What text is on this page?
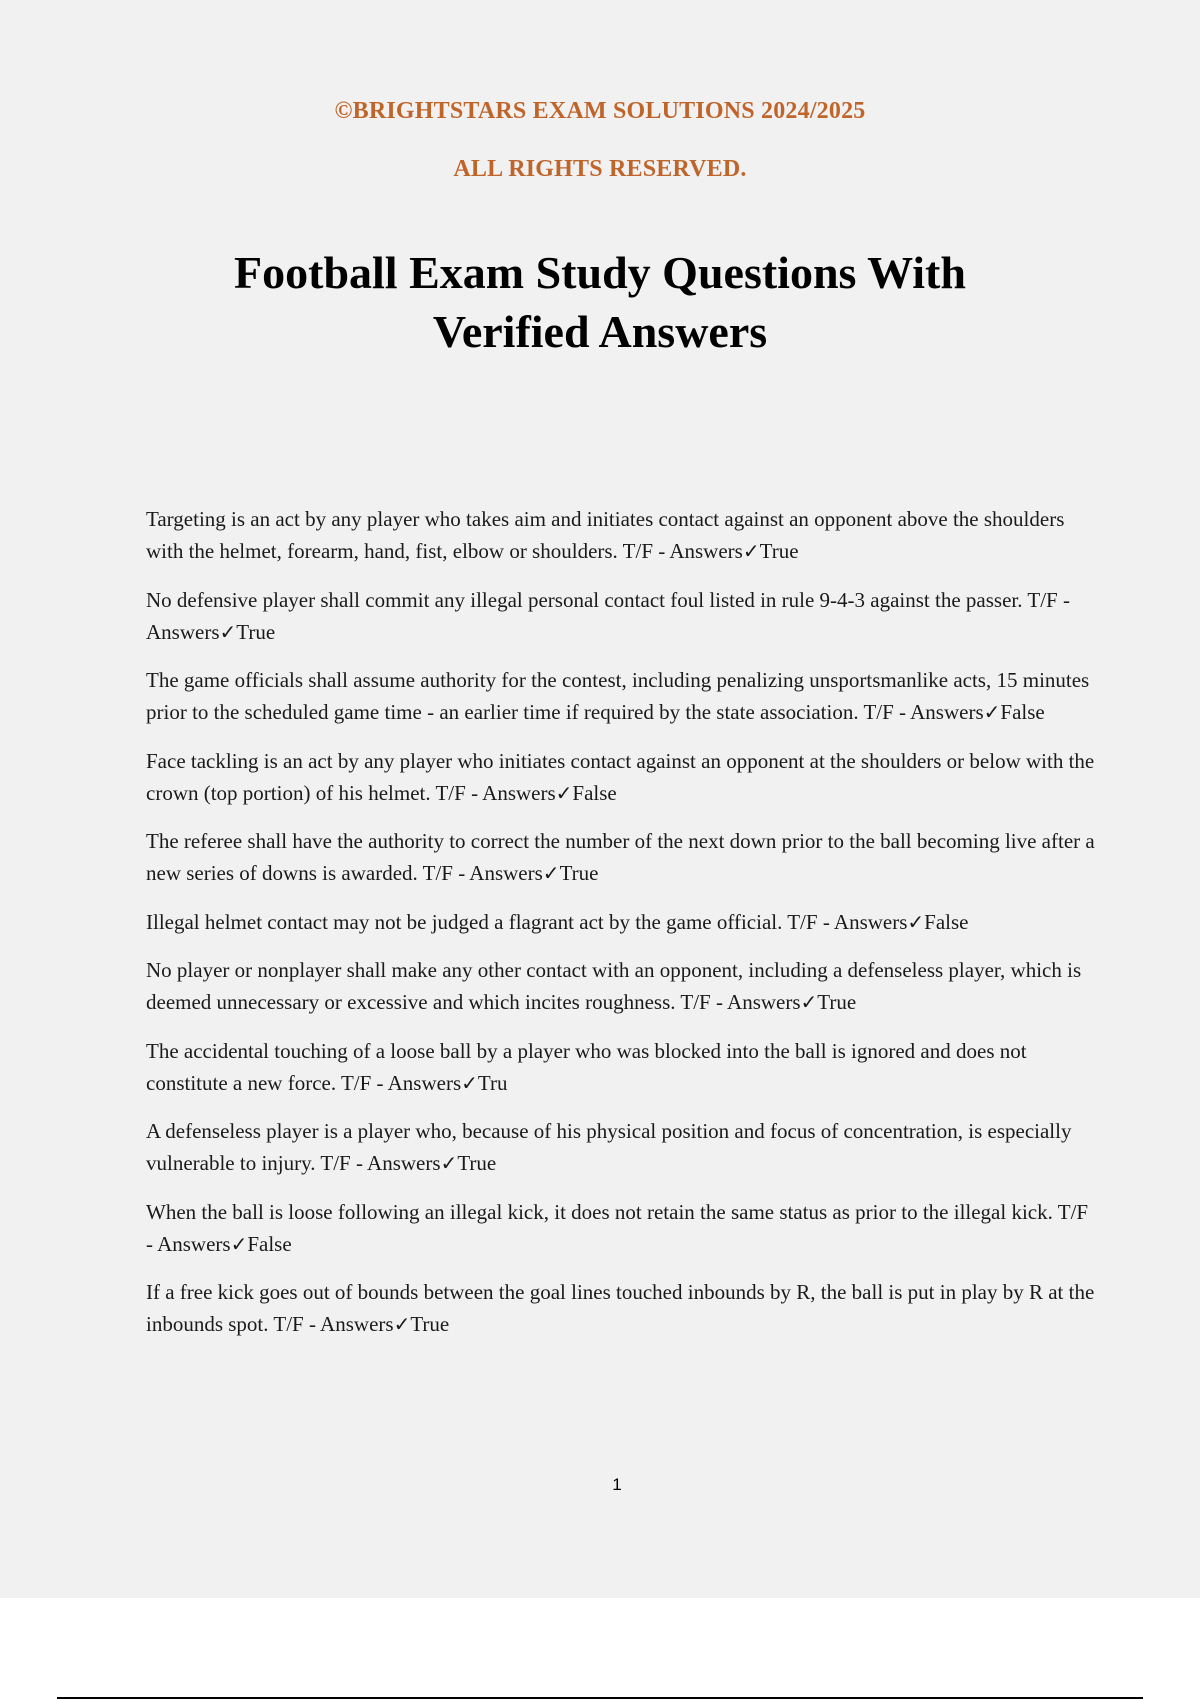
©BRIGHTSTARS EXAM SOLUTIONS 2024/2025
ALL RIGHTS RESERVED.
Football Exam Study Questions With
Verified Answers
Targeting is an act by any player who takes aim and initiates contact against an opponent above the shoulders with the helmet, forearm, hand, fist, elbow or shoulders. T/F - Answers✓True
No defensive player shall commit any illegal personal contact foul listed in rule 9-4-3 against the passer. T/F - Answers✓True
The game officials shall assume authority for the contest, including penalizing unsportsmanlike acts, 15 minutes prior to the scheduled game time - an earlier time if required by the state association. T/F - Answers✓False
Face tackling is an act by any player who initiates contact against an opponent at the shoulders or below with the crown (top portion) of his helmet. T/F - Answers✓False
The referee shall have the authority to correct the number of the next down prior to the ball becoming live after a new series of downs is awarded. T/F - Answers✓True
Illegal helmet contact may not be judged a flagrant act by the game official. T/F - Answers✓False
No player or nonplayer shall make any other contact with an opponent, including a defenseless player, which is deemed unnecessary or excessive and which incites roughness. T/F - Answers✓True
The accidental touching of a loose ball by a player who was blocked into the ball is ignored and does not constitute a new force. T/F - Answers✓Tru
A defenseless player is a player who, because of his physical position and focus of concentration, is especially vulnerable to injury. T/F - Answers✓True
When the ball is loose following an illegal kick, it does not retain the same status as prior to the illegal kick. T/F - Answers✓False
If a free kick goes out of bounds between the goal lines touched inbounds by R, the ball is put in play by R at the inbounds spot. T/F - Answers✓True
1
